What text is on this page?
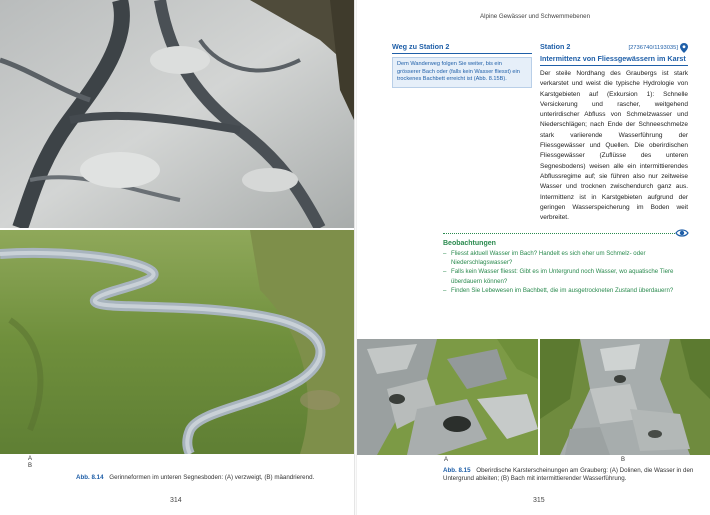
A
B
Abb. 8.14 Gerinneformen im unteren Segnesboden: (A) verzweigt, (B) mäandrierend.
314
Alpine Gewässer und Schwemmebenen
Weg zu Station 2
Dem Wanderweg folgen Sie weiter, bis ein grösserer Bach oder (falls kein Wasser fliesst) ein trockenes Bachbett erreicht ist (Abb. 8.15B).
Station 2	[2736740/1193035]
Intermittenz von Fliessgewässern im Karst
Der steile Nordhang des Graubergs ist stark verkarstet und weist die typische Hydrologie von Karstgebieten auf (Exkursion 1): Schnelle Versickerung und rascher, weitgehend unterirdischer Abfluss von Schmelzwasser und Niederschlägen; nach Ende der Schneeschmelze stark variierende Wasserführung der Fliessgewässer und Quellen. Die oberirdischen Fliessgewässer (Zuflüsse des unteren Segnesbodens) weisen alle ein intermittierendes Abflussregime auf; sie führen also nur zeitweise Wasser und trocknen zwischendurch ganz aus. Intermittenz ist in Karstgebieten aufgrund der geringen Wasserspeicherung im Boden weit verbreitet.
Beobachtungen
– Fliesst aktuell Wasser im Bach? Handelt es sich eher um Schmelz- oder Niederschlagswasser?
– Falls kein Wasser fliesst: Gibt es im Untergrund noch Wasser, wo aquatische Tiere überdauern können?
– Finden Sie Lebewesen im Bachbett, die im ausgetrockneten Zustand überdauern?
A	B
Abb. 8.15 Oberirdische Karsterscheinungen am Grauberg: (A) Dolinen, die Wasser in den Untergrund ableiten; (B) Bach mit intermittierender Wasserführung.
315
